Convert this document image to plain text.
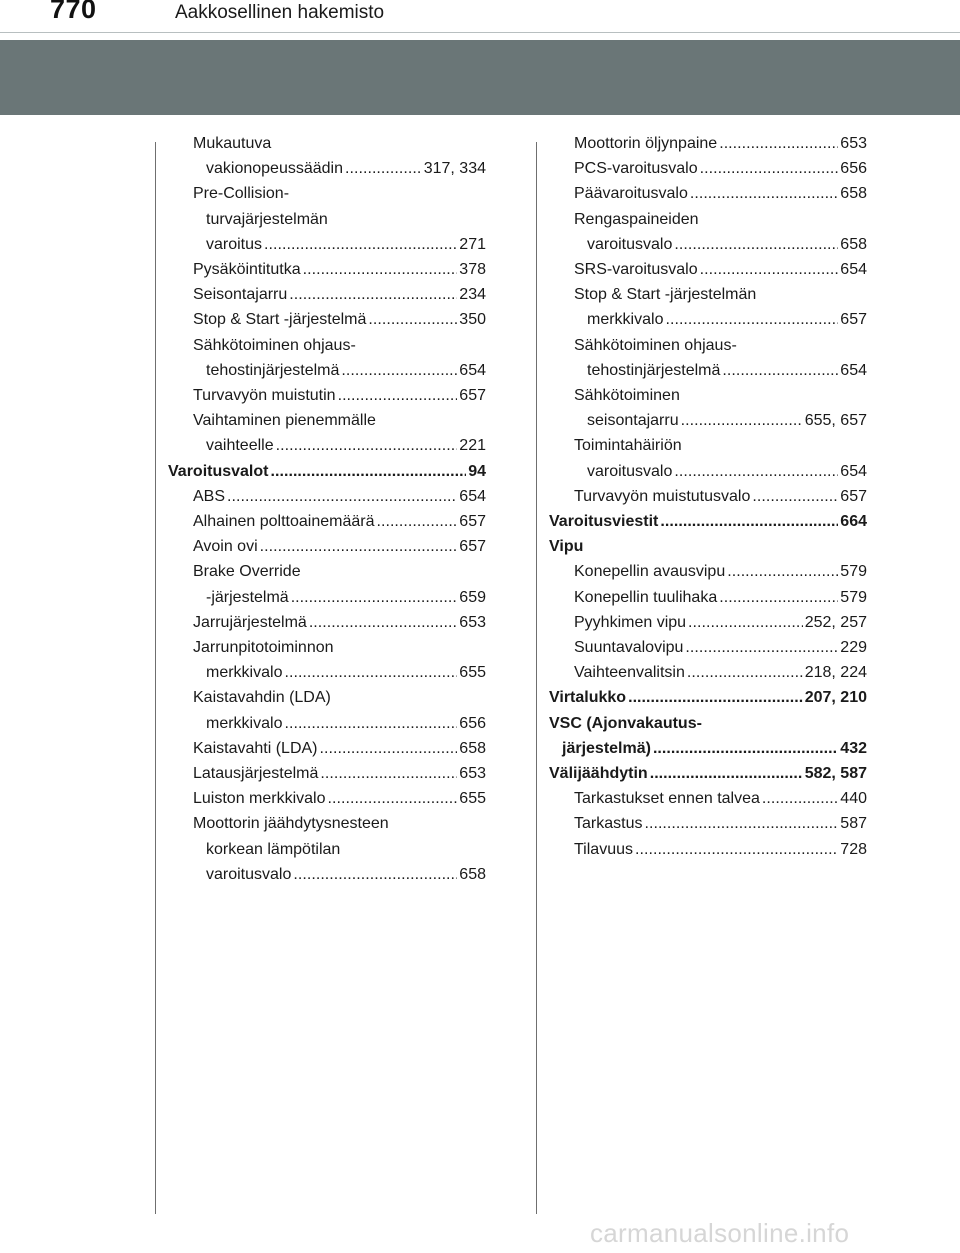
770	Aakkosellinen hakemisto
Mukautuva
vakionopeussäädin . . .	317, 334
Pre-Collision-
turvajärjestelmän
varoitus . . .	271
Pysäköintitutka . . .	378
Seisontajarru . . .	234
Stop & Start -järjestelmä . . .	350
Sähkötoiminen ohjaus-
tehostinjärjestelmä . . .	654
Turvavyön muistutin . . .	657
Vaihtaminen pienemmälle
vaihteelle . . .	221
Varoitusvalot . . .	94
ABS . . .	654
Alhainen polttoainemäärä . . .	657
Avoin ovi . . .	657
Brake Override
-järjestelmä . . .	659
Jarrujärjestelmä . . .	653
Jarrunpitotoiminnon
merkkivalo . . .	655
Kaistavahdin (LDA)
merkkivalo . . .	656
Kaistavahti (LDA) . . .	658
Latausjärjestelmä . . .	653
Luiston merkkivalo . . .	655
Moottorin jäähdytysnesteen
korkean lämpötilan
varoitusvalo . . .	658
Moottorin öljynpaine . . .	653
PCS-varoitusvalo . . .	656
Päävaroitusvalo . . .	658
Rengaspaineiden
varoitusvalo . . .	658
SRS-varoitusvalo . . .	654
Stop & Start -järjestelmän
merkkivalo . . .	657
Sähkötoiminen ohjaus-
tehostinjärjestelmä . . .	654
Sähkötoiminen
seisontajarru . . .	655, 657
Toimintahäiriön
varoitusvalo . . .	654
Turvavyön muistutusvalo . . .	657
Varoitusviestit . . .	664
Vipu
Konepellin avausvipu . . .	579
Konepellin tuulihaka . . .	579
Pyyhkimen vipu . . .	252, 257
Suuntavalovipu . . .	229
Vaihteenvalitsin . . .	218, 224
Virtalukko . . .	207, 210
VSC (Ajonvakautus-
järjestelmä) . . .	432
Välijäähdytin . . .	582, 587
Tarkastukset ennen talvea . . .	440
Tarkastus . . .	587
Tilavuus . . .	728
carmanualsonline.info
